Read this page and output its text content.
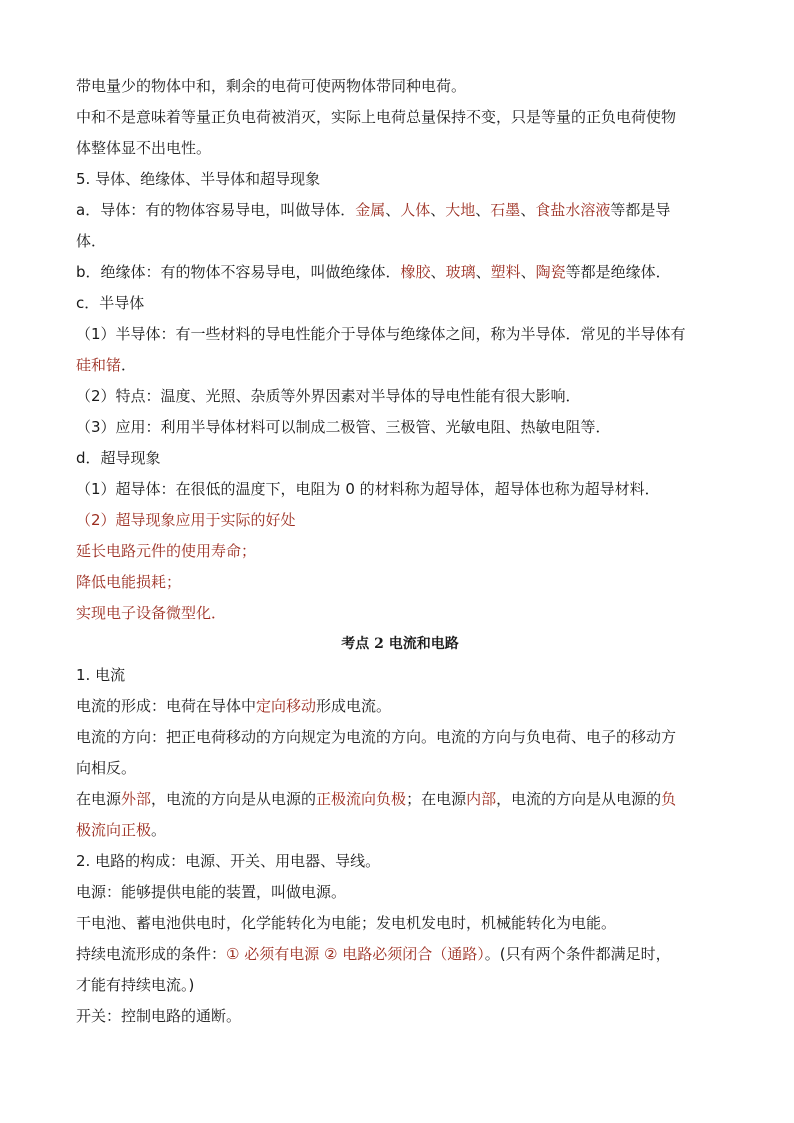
带电量少的物体中和，剩余的电荷可使两物体带同种电荷。
中和不是意味着等量正负电荷被消灭，实际上电荷总量保持不变，只是等量的正负电荷使物
体整体显不出电性。
5. 导体、绝缘体、半导体和超导现象
a．导体：有的物体容易导电，叫做导体．金属、人体、大地、石墨、食盐水溶液等都是导
体．
b．绝缘体：有的物体不容易导电，叫做绝缘体．橡胶、玻璃、塑料、陶瓷等都是绝缘体．
c．半导体
（1）半导体：有一些材料的导电性能介于导体与绝缘体之间，称为半导体．常见的半导体有
硅和锗．
（2）特点：温度、光照、杂质等外界因素对半导体的导电性能有很大影响．
（3）应用：利用半导体材料可以制成二极管、三极管、光敏电阻、热敏电阻等．
d．超导现象
（1）超导体：在很低的温度下，电阻为 0 的材料称为超导体，超导体也称为超导材料．
（2）超导现象应用于实际的好处
延长电路元件的使用寿命；
降低电能损耗；
实现电子设备微型化．
考点 2 电流和电路
1. 电流
电流的形成：电荷在导体中定向移动形成电流。
电流的方向：把正电荷移动的方向规定为电流的方向。电流的方向与负电荷、电子的移动方
向相反。
在电源外部，电流的方向是从电源的正极流向负极；在电源内部，电流的方向是从电源的负
极流向正极。
2. 电路的构成：电源、开关、用电器、导线。
电源：能够提供电能的装置，叫做电源。
干电池、蓄电池供电时，化学能转化为电能；发电机发电时，机械能转化为电能。
持续电流形成的条件：① 必须有电源 ② 电路必须闭合（通路）。(只有两个条件都满足时，
才能有持续电流。)
开关：控制电路的通断。
